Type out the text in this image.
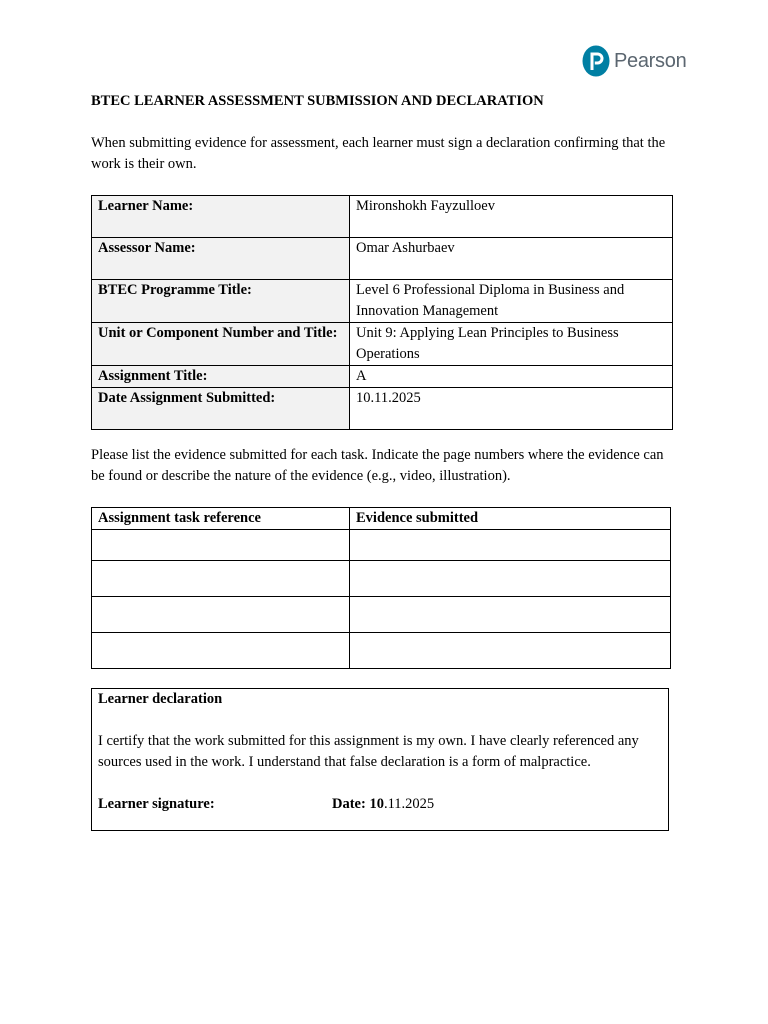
Pearson
BTEC LEARNER ASSESSMENT SUBMISSION AND DECLARATION

When submitting evidence for assessment, each learner must sign a declaration confirming that the work is their own.

Learner Name:	Mironshokh Fayzulloev
Assessor Name:	Omar Ashurbaev
BTEC Programme Title:	Level 6 Professional Diploma in Business and Innovation Management
Unit or Component Number and Title:	Unit 9: Applying Lean Principles to Business Operations
Assignment Title:	A
Date Assignment Submitted:	10.11.2025

Please list the evidence submitted for each task. Indicate the page numbers where the evidence can be found or describe the nature of the evidence (e.g., video, illustration).

Assignment task reference	Evidence submitted

Learner declaration
I certify that the work submitted for this assignment is my own. I have clearly referenced any sources used in the work. I understand that false declaration is a form of malpractice.
Learner signature:	Date: 10.11.2025
